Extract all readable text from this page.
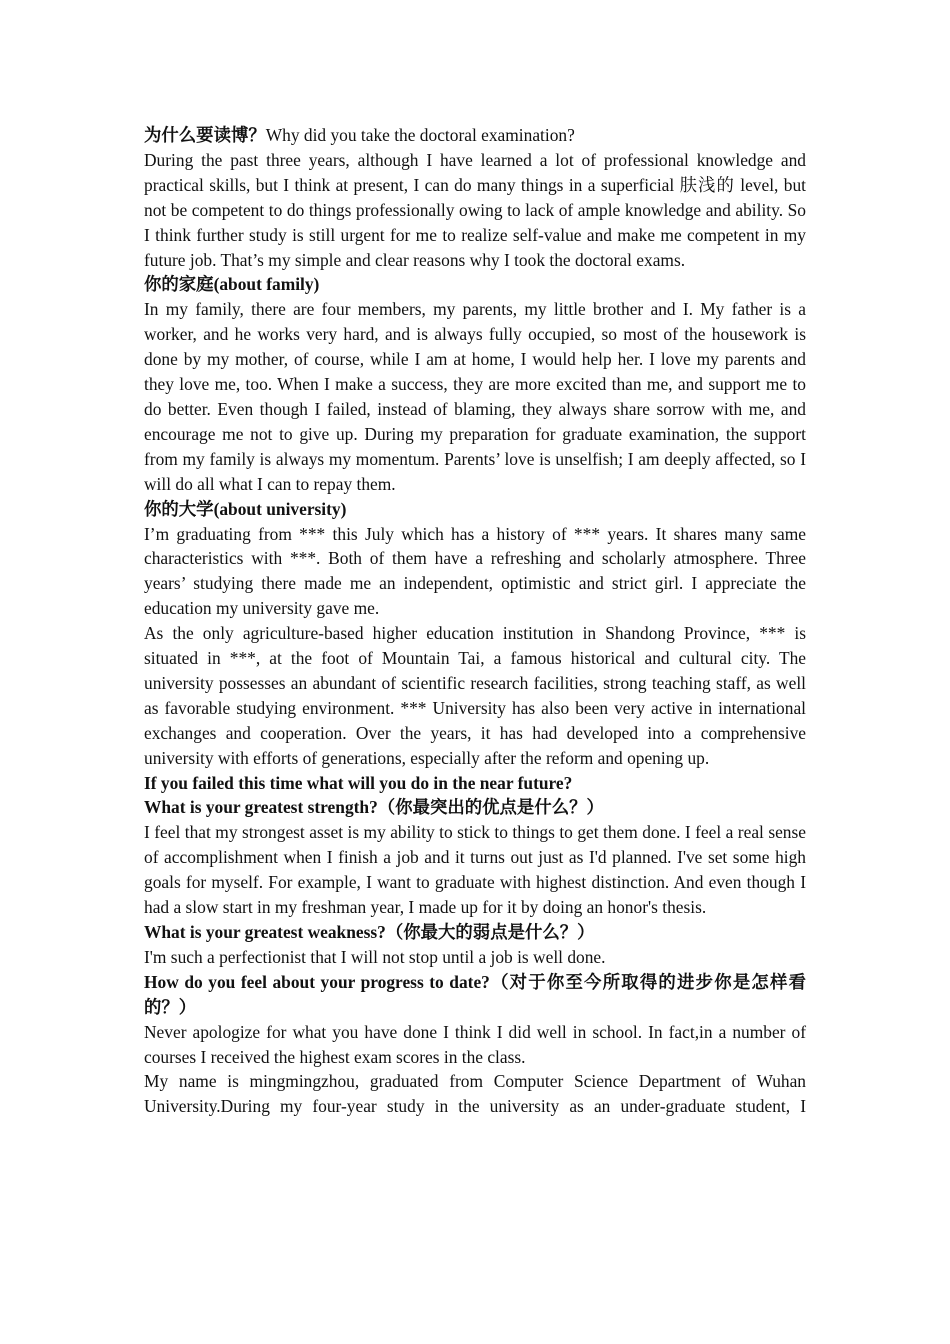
为什么要读博？Why did you take the doctoral examination?

During the past three years, although I have learned a lot of professional knowledge and practical skills, but I think at present, I can do many things in a superficial 肤浅的 level, but not be competent to do things professionally owing to lack of ample knowledge and ability. So I think further study is still urgent for me to realize self-value and make me competent in my future job. That’s my simple and clear reasons why I took the doctoral exams.

你的家庭(about family)

In my family, there are four members, my parents, my little brother and I. My father is a worker, and he works very hard, and is always fully occupied, so most of the housework is done by my mother, of course, while I am at home, I would help her. I love my parents and they love me, too. When I make a success, they are more excited than me, and support me to do better. Even though I failed, instead of blaming, they always share sorrow with me, and encourage me not to give up. During my preparation for graduate examination, the support from my family is always my momentum. Parents’ love is unselfish; I am deeply affected, so I will do all what I can to repay them.

你的大学(about university)

I’m graduating from *** this July which has a history of *** years. It shares many same characteristics with ***. Both of them have a refreshing and scholarly atmosphere. Three years’ studying there made me an independent, optimistic and strict girl. I appreciate the education my university gave me.

As the only agriculture-based higher education institution in Shandong Province, *** is situated in ***, at the foot of Mountain Tai, a famous historical and cultural city. The university possesses an abundant of scientific research facilities, strong teaching staff, as well as favorable studying environment. *** University has also been very active in international exchanges and cooperation. Over the years, it has had developed into a comprehensive university with efforts of generations, especially after the reform and opening up.

If you failed this time what will you do in the near future?

What is your greatest strength?（你最突出的优点是什么？）

I feel that my strongest asset is my ability to stick to things to get them done. I feel a real sense of accomplishment when I finish a job and it turns out just as I'd planned. I've set some high goals for myself. For example, I want to graduate with highest distinction. And even though I had a slow start in my freshman year, I made up for it by doing an honor's thesis.

What is your greatest weakness?（你最大的弱点是什么？）

I'm such a perfectionist that I will not stop until a job is well done.

How do you feel about your progress to date?（对于你至今所取得的进步你是怎样看的？）

Never apologize for what you have done I think I did well in school. In fact,in a number of courses I received the highest exam scores in the class.

My name is mingmingzhou, graduated from Computer Science Department of Wuhan University.During my four-year study in the university as an under-graduate student, I
